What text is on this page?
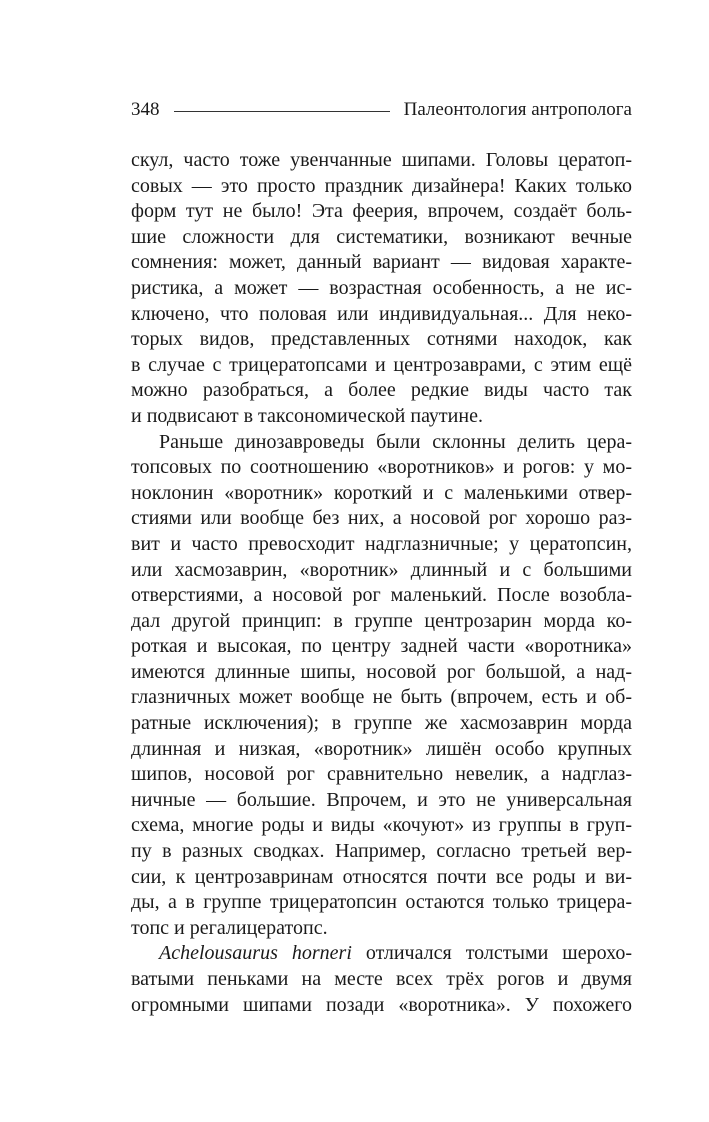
348	Палеонтология антрополога
скул, часто тоже увенчанные шипами. Головы цератоп-
совых — это просто праздник дизайнера! Каких только
форм тут не было! Эта феерия, впрочем, создаёт боль-
шие сложности для систематики, возникают вечные
сомнения: может, данный вариант — видовая характе-
ристика, а может — возрастная особенность, а не ис-
ключено, что половая или индивидуальная... Для неко-
торых видов, представленных сотнями находок, как
в случае с трицератопсами и центрозаврами, с этим ещё
можно разобраться, а более редкие виды часто так
и подвисают в таксономической паутине.
Раньше динозавроведы были склонны делить цера-
топсовых по соотношению «воротников» и рогов: у мо-
ноклонин «воротник» короткий и с маленькими отвер-
стиями или вообще без них, а носовой рог хорошо раз-
вит и часто превосходит надглазничные; у цератопсин,
или хасмозаврин, «воротник» длинный и с большими
отверстиями, а носовой рог маленький. После возобла-
дал другой принцип: в группе центрозарин морда ко-
роткая и высокая, по центру задней части «воротника»
имеются длинные шипы, носовой рог большой, а над-
глазничных может вообще не быть (впрочем, есть и об-
ратные исключения); в группе же хасмозаврин морда
длинная и низкая, «воротник» лишён особо крупных
шипов, носовой рог сравнительно невелик, а надглаз-
ничные — большие. Впрочем, и это не универсальная
схема, многие роды и виды «кочуют» из группы в груп-
пу в разных сводках. Например, согласно третьей вер-
сии, к центрозавринам относятся почти все роды и ви-
ды, а в группе трицератопсин остаются только трицера-
топс и регалицератопс.
Achelousaurus horneri отличался толстыми шерохо-
ватыми пеньками на месте всех трёх рогов и двумя
огромными шипами позади «воротника». У похожего
